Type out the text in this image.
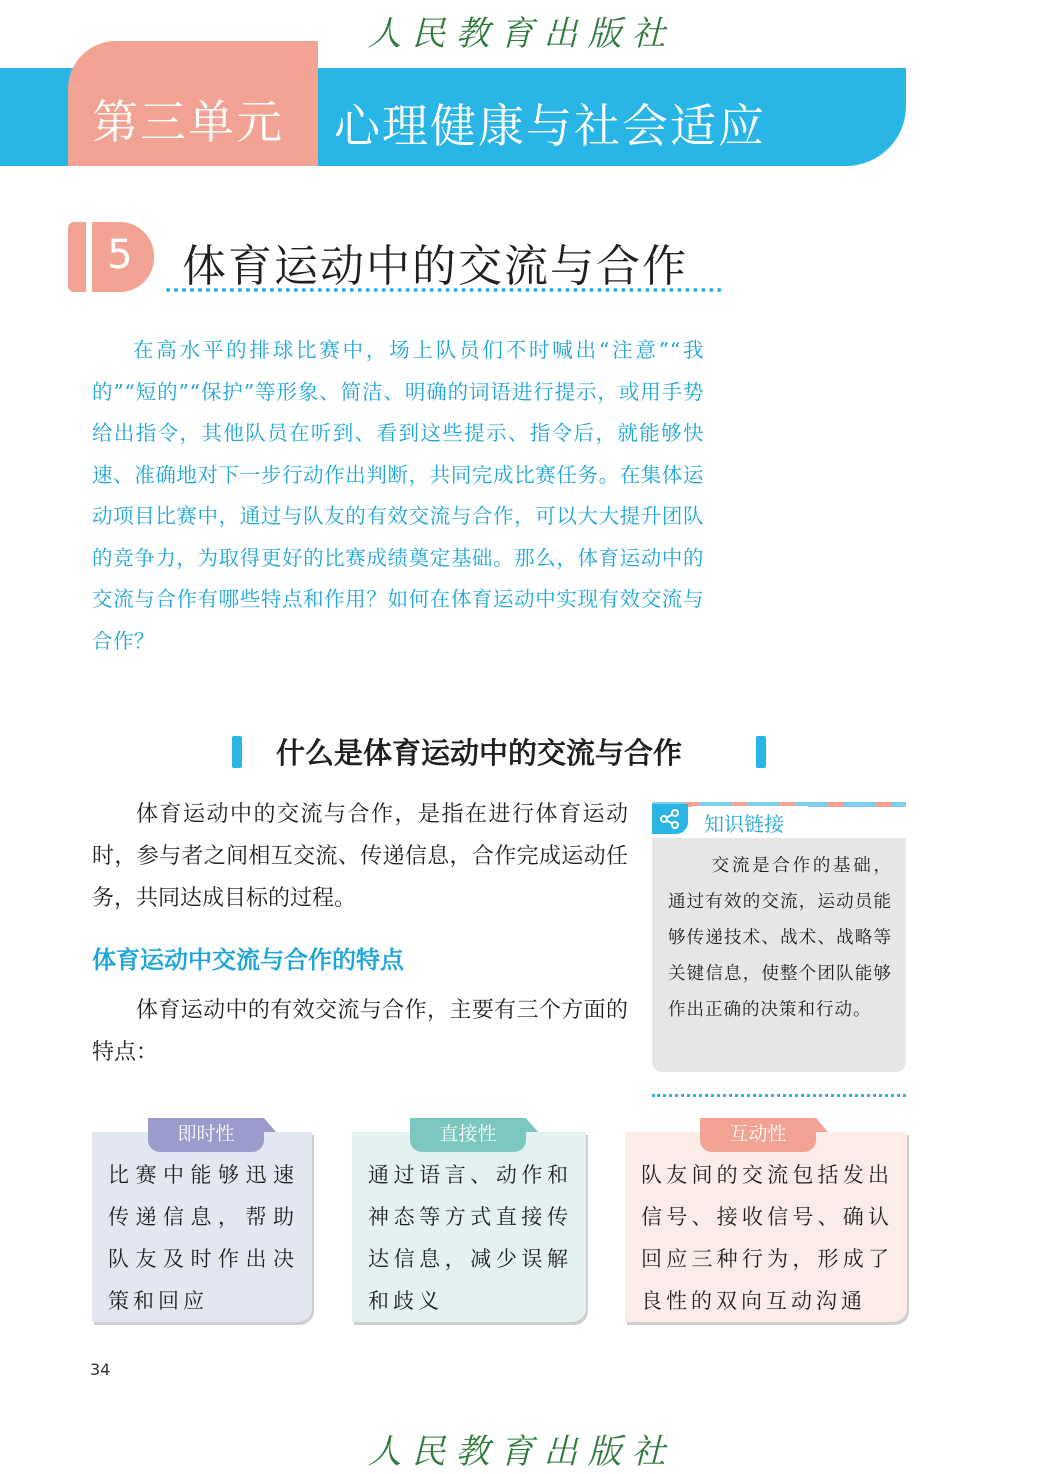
人民教育出版社
第三单元 心理健康与社会适应
5 体育运动中的交流与合作

在高水平的排球比赛中，场上队员们不时喊出“注意”“我的”“短的”“保护”等形象、简洁、明确的词语进行提示，或用手势给出指令，其他队员在听到、看到这些提示、指令后，就能够快速、准确地对下一步行动作出判断，共同完成比赛任务。在集体运动项目比赛中，通过与队友的有效交流与合作，可以大大提升团队的竞争力，为取得更好的比赛成绩奠定基础。那么，体育运动中的交流与合作有哪些特点和作用？如何在体育运动中实现有效交流与合作？

什么是体育运动中的交流与合作

体育运动中的交流与合作，是指在进行体育运动时，参与者之间相互交流、传递信息，合作完成运动任务，共同达成目标的过程。

体育运动中交流与合作的特点

体育运动中的有效交流与合作，主要有三个方面的特点：

知识链接

交流是合作的基础，通过有效的交流，运动员能够传递技术、战术、战略等关键信息，使整个团队能够作出正确的决策和行动。

即时性

比赛中能够迅速传递信息，帮助队友及时作出决策和回应

直接性

通过语言、动作和神态等方式直接传达信息，减少误解和歧义

互动性

队友间的交流包括发出信号、接收信号、确认回应三种行为，形成了良性的双向互动沟通

34
人民教育出版社
